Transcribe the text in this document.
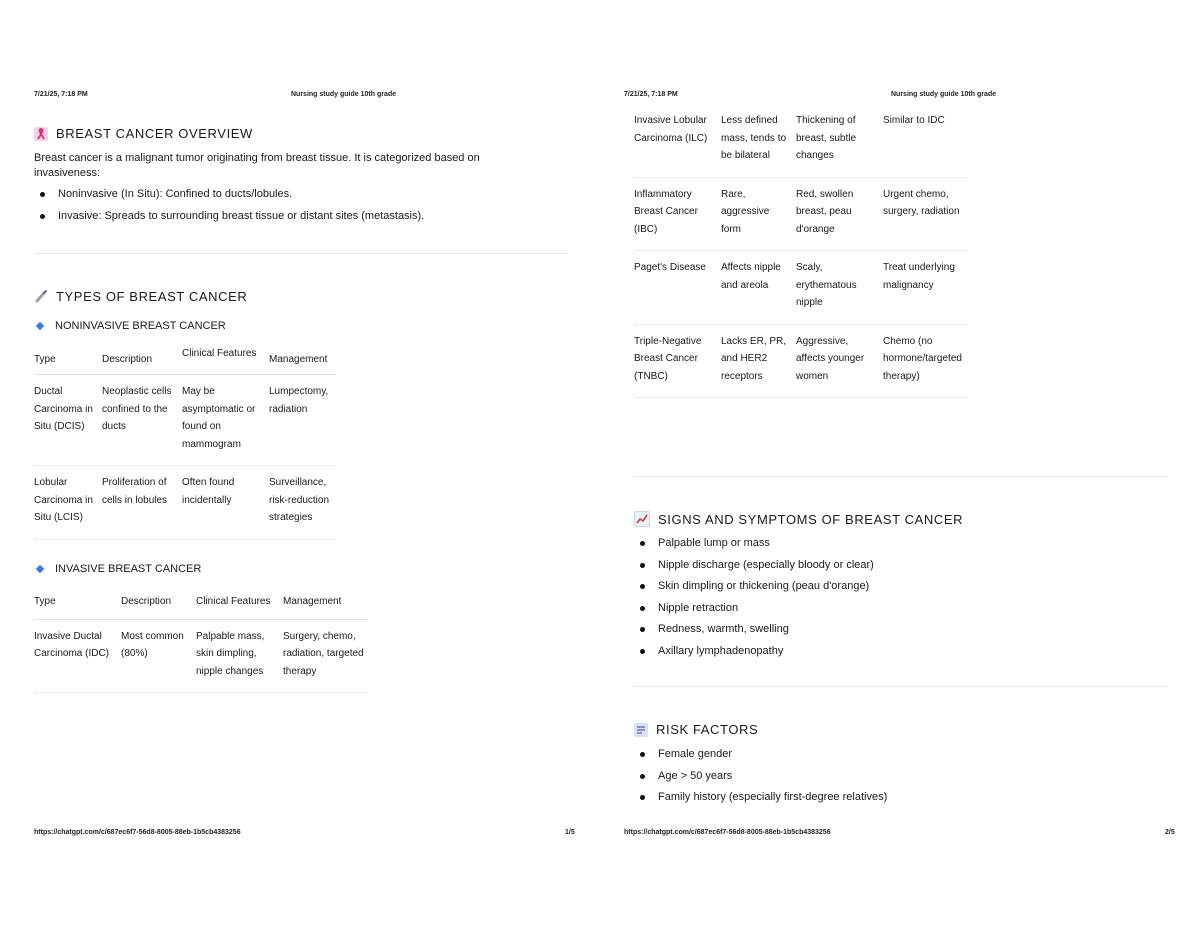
7/21/25, 7:18 PM	Nursing study guide 10th grade
BREAST CANCER OVERVIEW
Breast cancer is a malignant tumor originating from breast tissue. It is categorized based on invasiveness:
Noninvasive (In Situ): Confined to ducts/lobules.
Invasive: Spreads to surrounding breast tissue or distant sites (metastasis).
TYPES OF BREAST CANCER
NONINVASIVE BREAST CANCER
Type	Description	Clinical Features	Management
Ductal Carcinoma in Situ (DCIS)	Neoplastic cells confined to the ducts	May be asymptomatic or found on mammogram	Lumpectomy, radiation
Lobular Carcinoma in Situ (LCIS)	Proliferation of cells in lobules	Often found incidentally	Surveillance, risk-reduction strategies
INVASIVE BREAST CANCER
Type	Description	Clinical Features	Management
Invasive Ductal Carcinoma (IDC)	Most common (80%)	Palpable mass, skin dimpling, nipple changes	Surgery, chemo, radiation, targeted therapy
https://chatgpt.com/c/687ec6f7-56d8-8005-88eb-1b5cb4383256	1/5
7/21/25, 7:18 PM	Nursing study guide 10th grade
Invasive Lobular Carcinoma (ILC)	Less defined mass, tends to be bilateral	Thickening of breast, subtle changes	Similar to IDC
Inflammatory Breast Cancer (IBC)	Rare, aggressive form	Red, swollen breast, peau d'orange	Urgent chemo, surgery, radiation
Paget's Disease	Affects nipple and areola	Scaly, erythematous nipple	Treat underlying malignancy
Triple-Negative Breast Cancer (TNBC)	Lacks ER, PR, and HER2 receptors	Aggressive, affects younger women	Chemo (no hormone/targeted therapy)
SIGNS AND SYMPTOMS OF BREAST CANCER
Palpable lump or mass
Nipple discharge (especially bloody or clear)
Skin dimpling or thickening (peau d'orange)
Nipple retraction
Redness, warmth, swelling
Axillary lymphadenopathy
RISK FACTORS
Female gender
Age > 50 years
Family history (especially first-degree relatives)
https://chatgpt.com/c/687ec6f7-56d8-8005-88eb-1b5cb4383256	2/5
